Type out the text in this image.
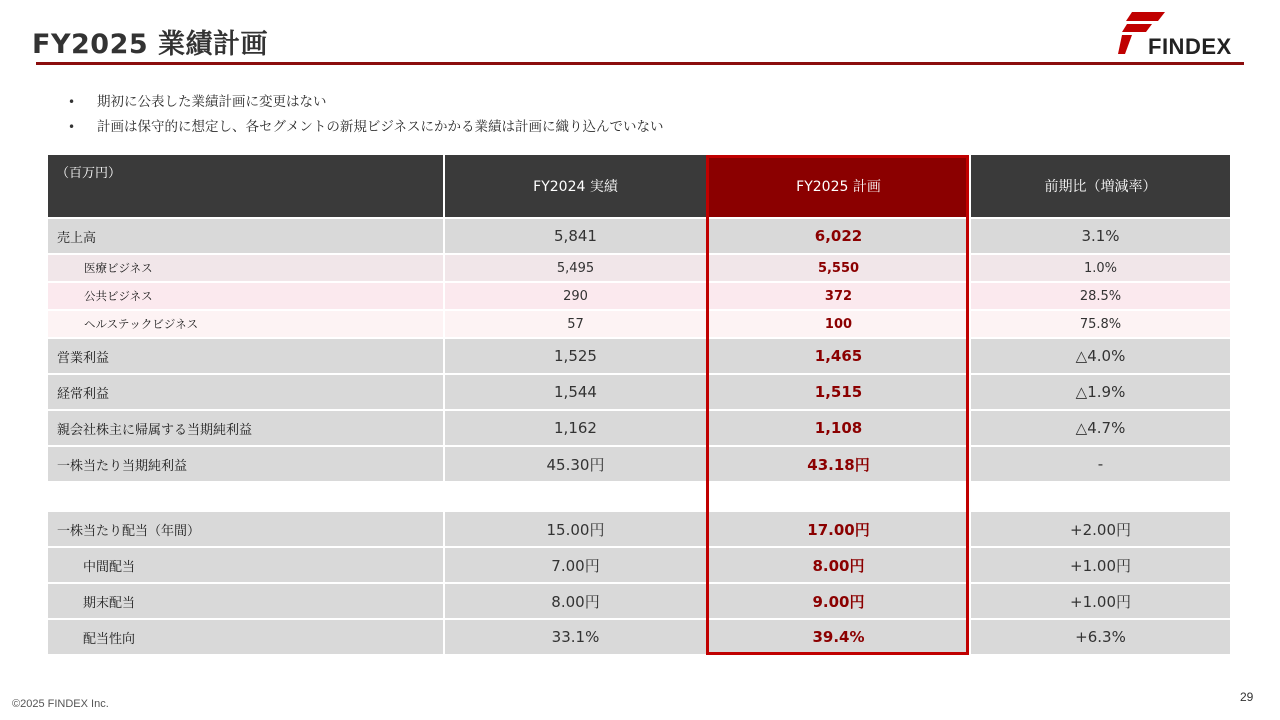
FY2025 業績計画	FINDEX
• 期初に公表した業績計画に変更はない
• 計画は保守的に想定し、各セグメントの新規ビジネスにかかる業績は計画に織り込んでいない
（百万円）	FY2024 実績	FY2025 計画	前期比（増減率）
売上高	5,841	6,022	3.1%
医療ビジネス	5,495	5,550	1.0%
公共ビジネス	290	372	28.5%
ヘルステックビジネス	57	100	75.8%
営業利益	1,525	1,465	△4.0%
経常利益	1,544	1,515	△1.9%
親会社株主に帰属する当期純利益	1,162	1,108	△4.7%
一株当たり当期純利益	45.30円	43.18円	-

一株当たり配当（年間）	15.00円	17.00円	+2.00円
中間配当	7.00円	8.00円	+1.00円
期末配当	8.00円	9.00円	+1.00円
配当性向	33.1%	39.4%	+6.3%
©2025 FINDEX Inc.	29
